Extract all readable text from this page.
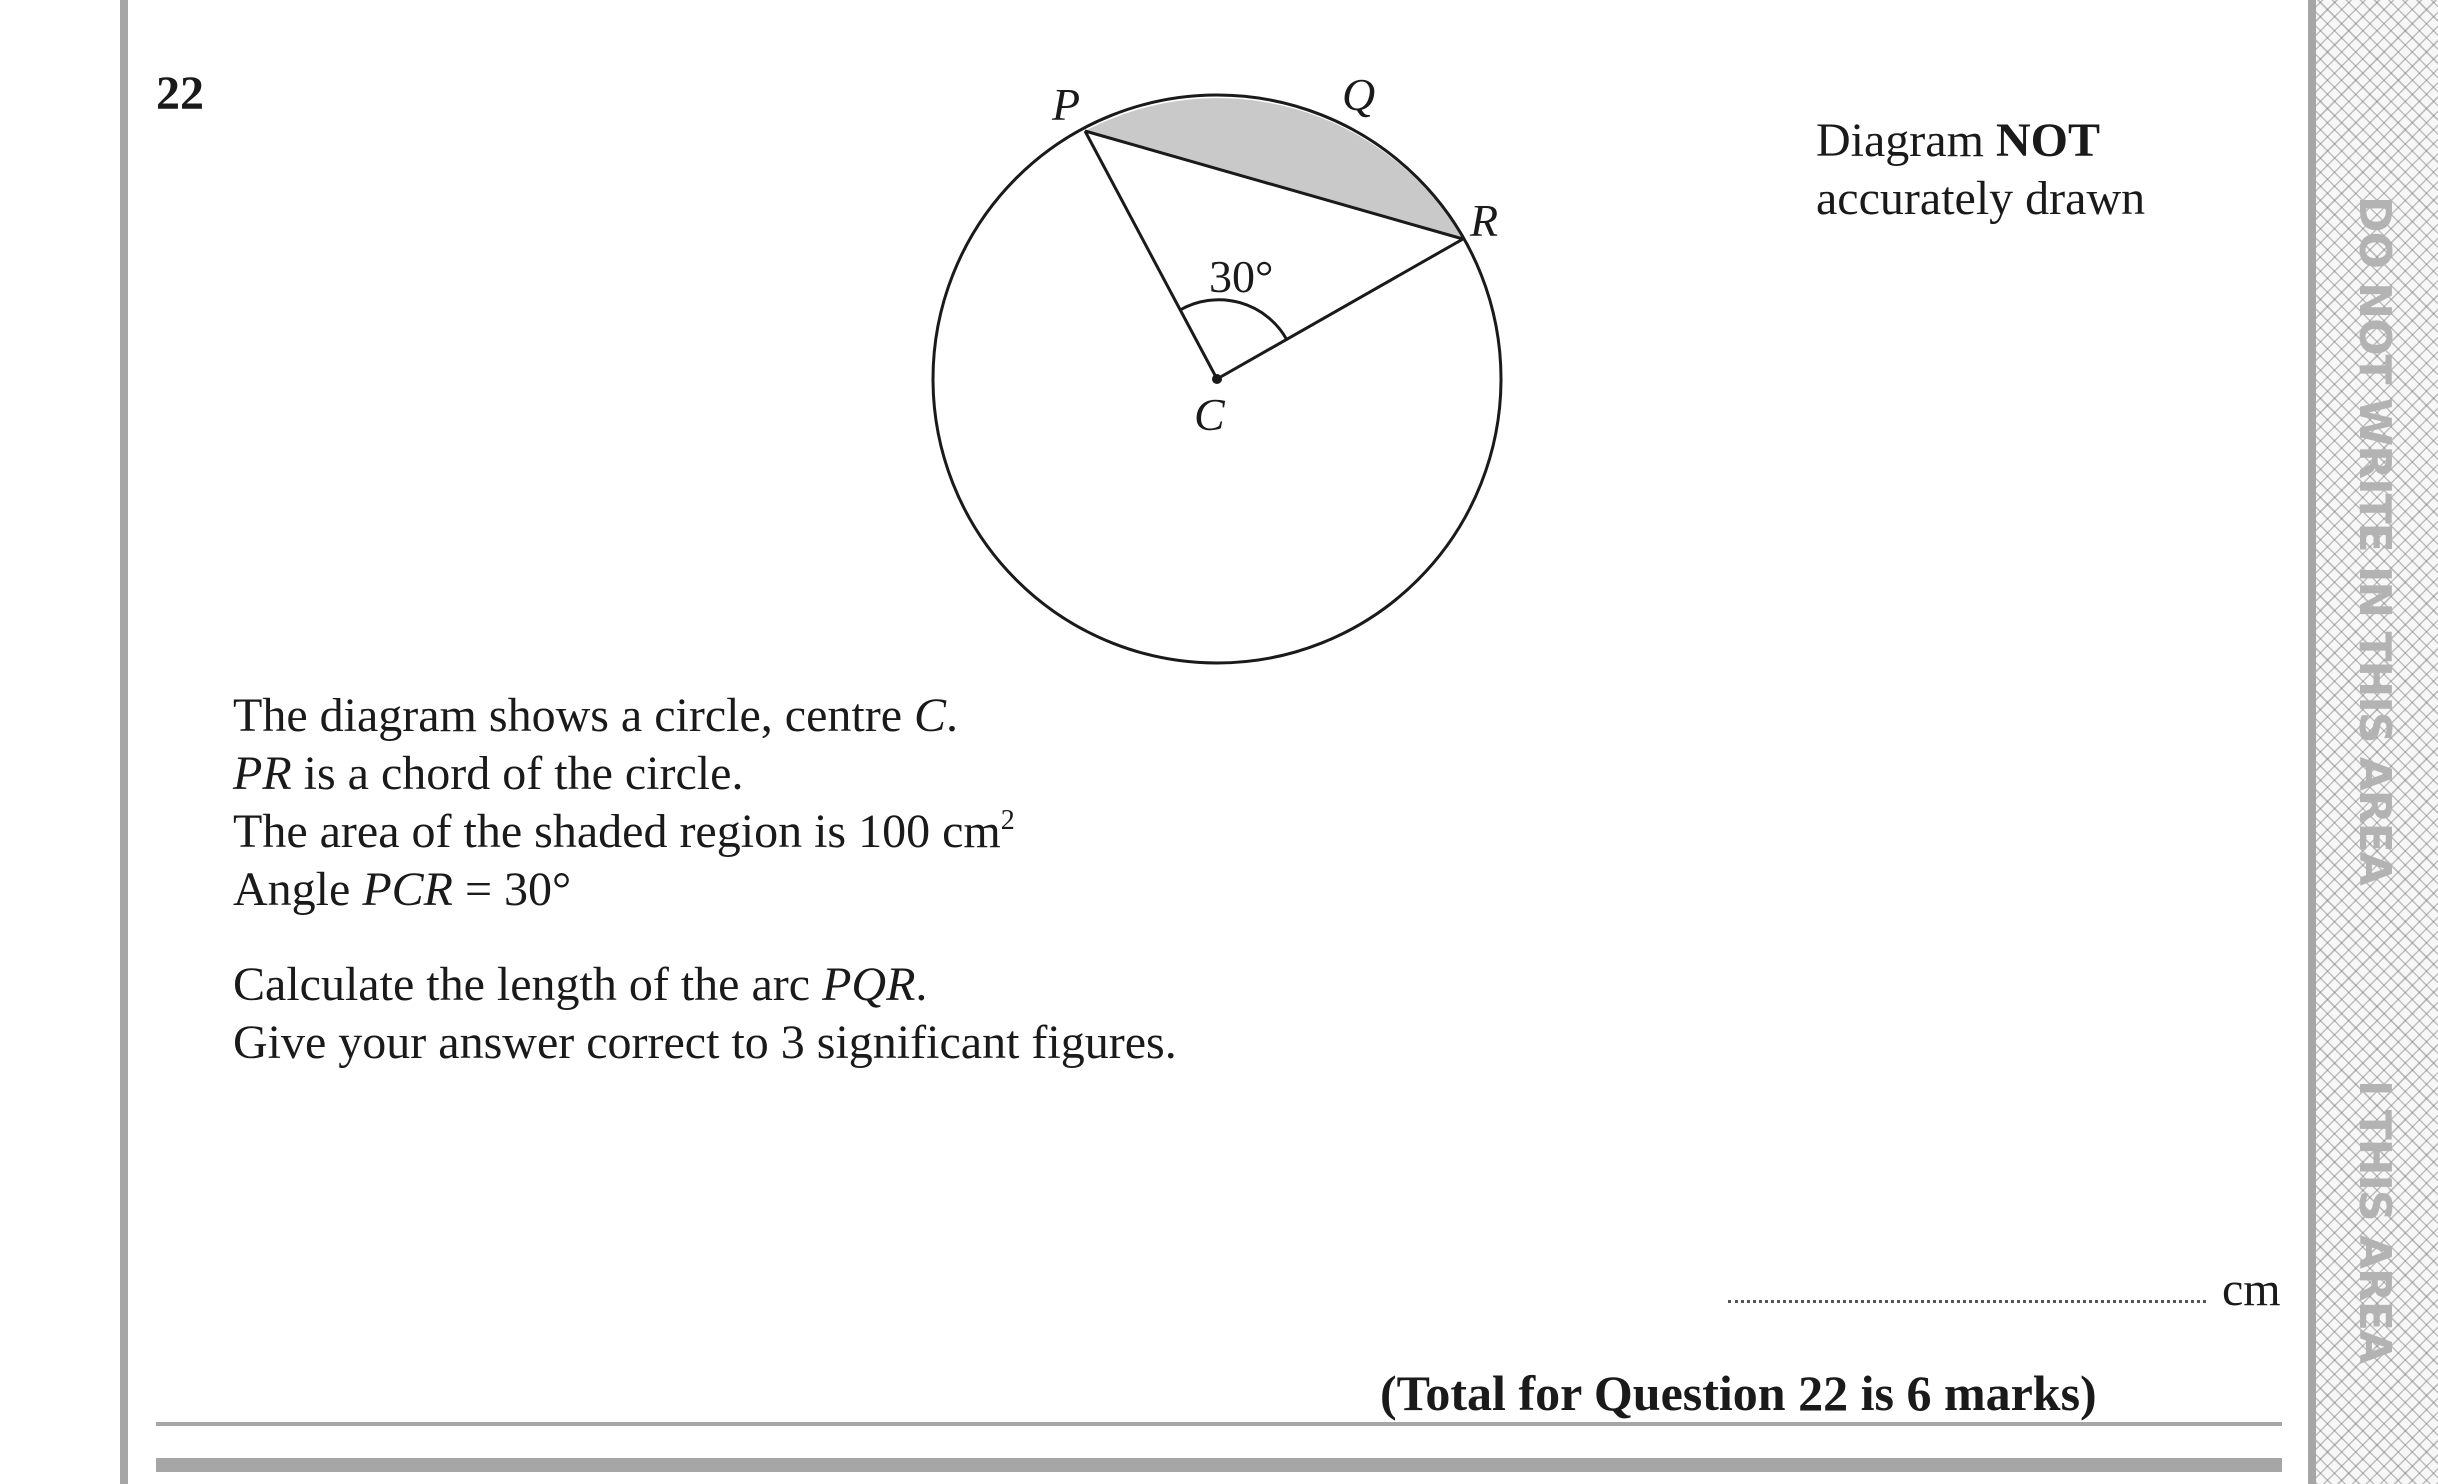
DO NOT WRITE IN THIS AREA
I THIS AREA
22
Diagram NOT
accurately drawn
P	Q
R
C
30°
The diagram shows a circle, centre C.
PR is a chord of the circle.
The area of the shaded region is 100 $cm^2$
Angle PCR = 30°
Calculate the length of the arc PQR.
Give your answer correct to 3 significant figures.
cm
(Total for Question 22 is 6 marks)
